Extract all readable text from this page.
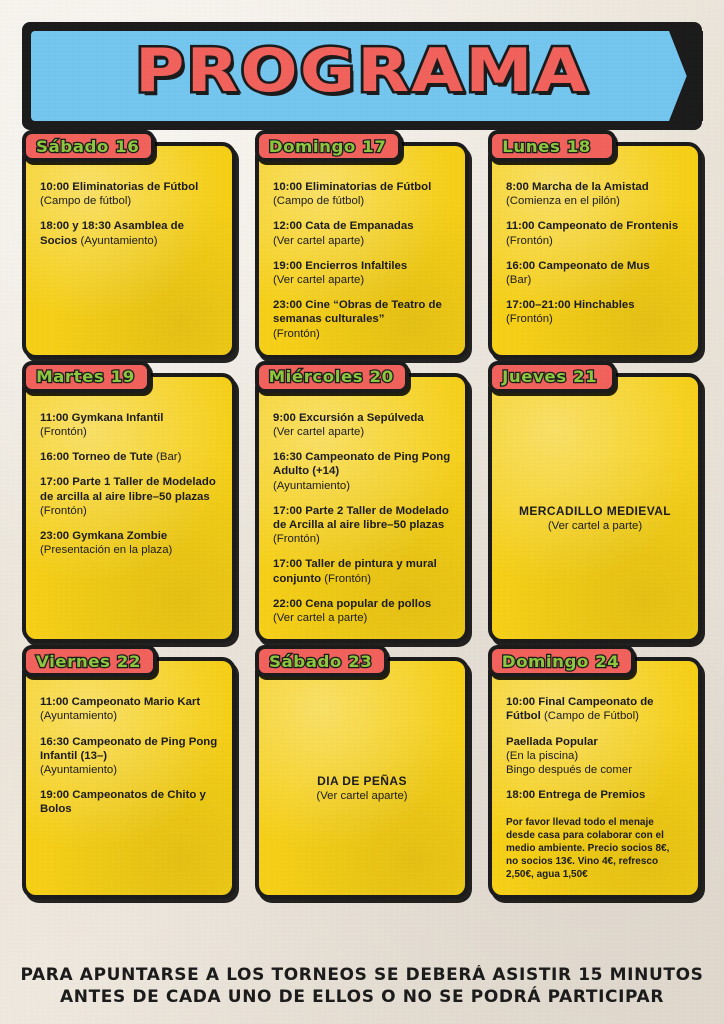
PROGRAMA
Sábado 16
10:00 Eliminatorias de Fútbol
(Campo de fútbol)
18:00 y 18:30 Asamblea de Socios (Ayuntamiento)
Domingo 17
10:00 Eliminatorias de Fútbol
(Campo de fútbol)
12:00 Cata de Empanadas
(Ver cartel aparte)
19:00 Encierros Infaltiles
(Ver cartel aparte)
23:00 Cine “Obras de Teatro de semanas culturales”
(Frontón)
Lunes 18
8:00 Marcha de la Amistad
(Comienza en el pilón)
11:00 Campeonato de Frontenis
(Frontón)
16:00 Campeonato de Mus
(Bar)
17:00–21:00 Hinchables
(Frontón)
Martes 19
11:00 Gymkana Infantil
(Frontón)
16:00 Torneo de Tute (Bar)
17:00 Parte 1 Taller de Modelado de arcilla al aire libre–50 plazas
(Frontón)
23:00 Gymkana Zombie
(Presentación en la plaza)
Miércoles 20
9:00 Excursión a Sepúlveda
(Ver cartel aparte)
16:30 Campeonato de Ping Pong Adulto (+14)
(Ayuntamiento)
17:00 Parte 2 Taller de Modelado de Arcilla al aire libre–50 plazas (Frontón)
17:00 Taller de pintura y mural conjunto (Frontón)
22:00 Cena popular de pollos
(Ver cartel a parte)
Jueves 21
MERCADILLO MEDIEVAL
(Ver cartel a parte)
Viernes 22
11:00 Campeonato Mario Kart
(Ayuntamiento)
16:30 Campeonato de Ping Pong Infantil (13–)
(Ayuntamiento)
19:00 Campeonatos de Chito y Bolos
Sábado 23
DIA DE PEÑAS
(Ver cartel aparte)
Domingo 24
10:00 Final Campeonato de Fútbol (Campo de Fútbol)
Paellada Popular
(En la piscina)
Bingo después de comer
18:00 Entrega de Premios
Por favor llevad todo el menaje desde casa para colaborar con el medio ambiente. Precio socios 8€, no socios 13€. Vino 4€, refresco 2,50€, agua 1,50€
PARA APUNTARSE A LOS TORNEOS SE DEBERÁ ASISTIR 15 MINUTOS
ANTES DE CADA UNO DE ELLOS O NO SE PODRÁ PARTICIPAR
